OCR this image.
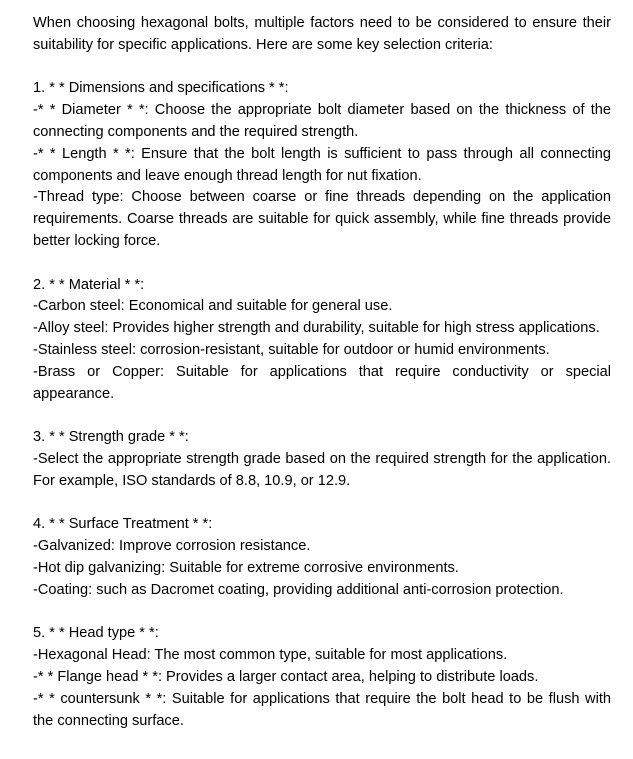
When choosing hexagonal bolts, multiple factors need to be considered to ensure their suitability for specific applications. Here are some key selection criteria:

1. * * Dimensions and specifications * *:
-* * Diameter * *: Choose the appropriate bolt diameter based on the thickness of the connecting components and the required strength.
-* * Length * *: Ensure that the bolt length is sufficient to pass through all connecting components and leave enough thread length for nut fixation.
-Thread type: Choose between coarse or fine threads depending on the application requirements. Coarse threads are suitable for quick assembly, while fine threads provide better locking force.
2. * * Material * *:
-Carbon steel: Economical and suitable for general use.
-Alloy steel: Provides higher strength and durability, suitable for high stress applications.
-Stainless steel: corrosion-resistant, suitable for outdoor or humid environments.
-Brass or Copper: Suitable for applications that require conductivity or special appearance.
3. * * Strength grade * *:
-Select the appropriate strength grade based on the required strength for the application. For example, ISO standards of 8.8, 10.9, or 12.9.
4. * * Surface Treatment * *:
-Galvanized: Improve corrosion resistance.
-Hot dip galvanizing: Suitable for extreme corrosive environments.
-Coating: such as Dacromet coating, providing additional anti-corrosion protection.
5. * * Head type * *:
-Hexagonal Head: The most common type, suitable for most applications.
-* * Flange head * *: Provides a larger contact area, helping to distribute loads.
-* * countersunk * *: Suitable for applications that require the bolt head to be flush with the connecting surface.
